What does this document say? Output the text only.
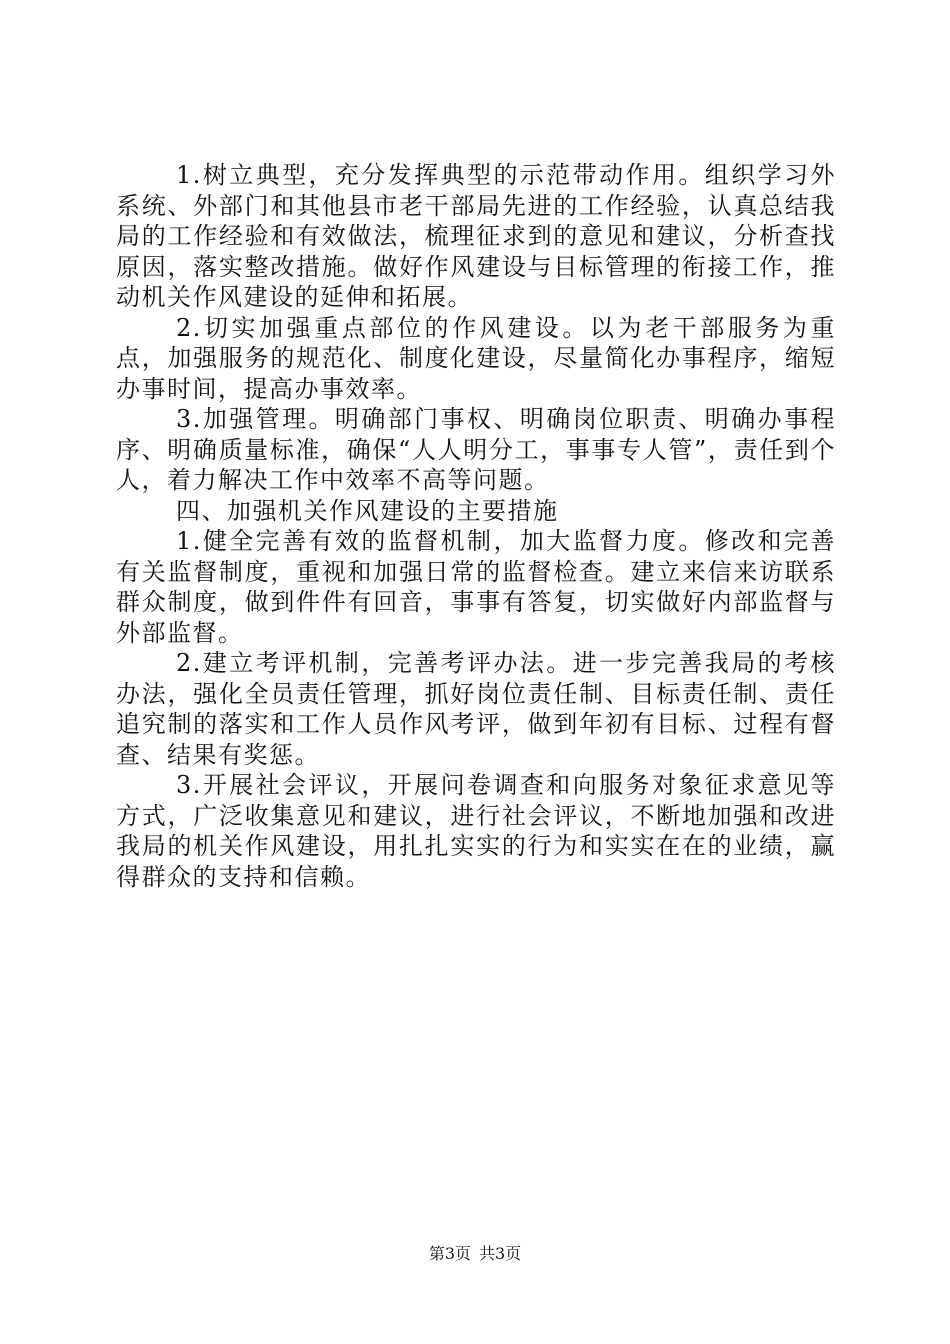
1.树立典型，充分发挥典型的示范带动作用。组织学习外系统、外部门和其他县市老干部局先进的工作经验，认真总结我局的工作经验和有效做法，梳理征求到的意见和建议，分析查找原因，落实整改措施。做好作风建设与目标管理的衔接工作，推动机关作风建设的延伸和拓展。

2.切实加强重点部位的作风建设。以为老干部服务为重点，加强服务的规范化、制度化建设，尽量简化办事程序，缩短办事时间，提高办事效率。

3.加强管理。明确部门事权、明确岗位职责、明确办事程序、明确质量标准，确保“人人明分工，事事专人管”，责任到个人，着力解决工作中效率不高等问题。

四、加强机关作风建设的主要措施

1.健全完善有效的监督机制，加大监督力度。修改和完善有关监督制度，重视和加强日常的监督检查。建立来信来访联系群众制度，做到件件有回音，事事有答复，切实做好内部监督与外部监督。

2.建立考评机制，完善考评办法。进一步完善我局的考核办法，强化全员责任管理，抓好岗位责任制、目标责任制、责任追究制的落实和工作人员作风考评，做到年初有目标、过程有督查、结果有奖惩。

3.开展社会评议，开展问卷调查和向服务对象征求意见等方式，广泛收集意见和建议，进行社会评议，不断地加强和改进我局的机关作风建设，用扎扎实实的行为和实实在在的业绩，赢得群众的支持和信赖。

第3页 共3页
